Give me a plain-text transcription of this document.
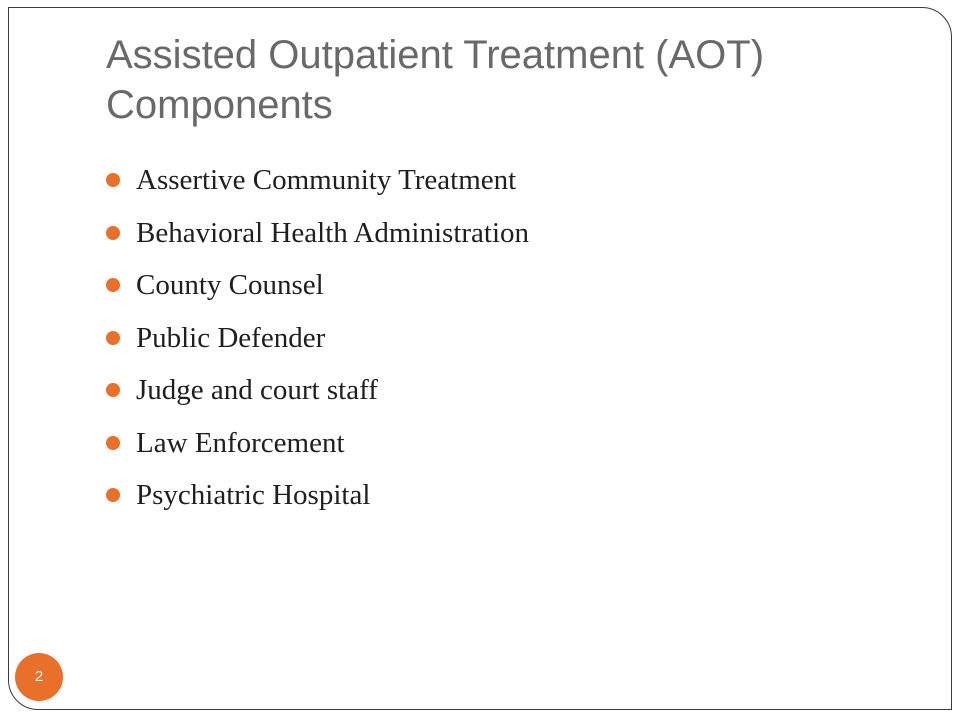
Assisted Outpatient Treatment (AOT) Components
Assertive Community Treatment
Behavioral Health Administration
County Counsel
Public Defender
Judge and court staff
Law Enforcement
Psychiatric Hospital
2
